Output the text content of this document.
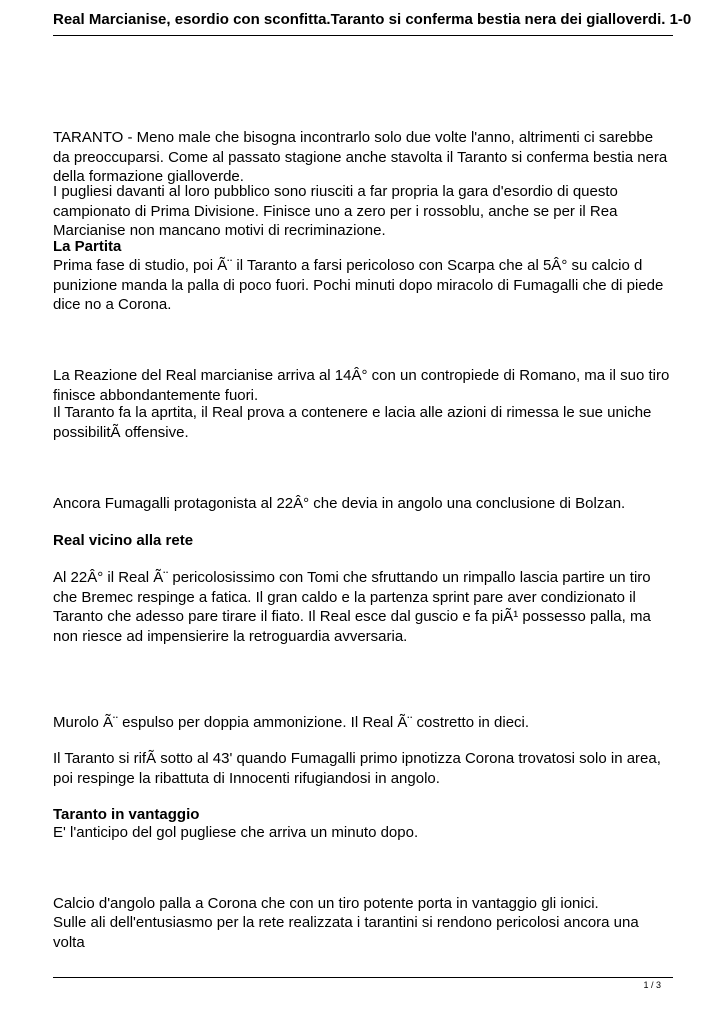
Real Marcianise, esordio con sconfitta.Taranto si conferma bestia nera dei gialloverdi. 1-0

TARANTO - Meno male che bisogna incontrarlo solo due volte l'anno, altrimenti ci sarebbe da preoccuparsi. Come al passato stagione anche stavolta il Taranto si conferma bestia nera della formazione gialloverde.

I pugliesi davanti al loro pubblico sono riusciti a far propria la gara d'esordio di questo campionato di Prima Divisione. Finisce uno a zero per i rossoblu, anche se per il Rea Marcianise non mancano motivi di recriminazione.

La Partita

Prima fase di studio, poi Ã¨ il Taranto a farsi pericoloso con Scarpa che al 5Â° su calcio d punizione manda la palla di poco fuori. Pochi minuti dopo miracolo di Fumagalli che di piede dice no a Corona.

La Reazione del Real marcianise arriva al 14Â° con un contropiede di Romano, ma il suo tiro finisce abbondantemente fuori.

Il Taranto fa la aprtita, il Real prova a contenere e lacia alle azioni di rimessa le sue uniche possibilitÃ offensive.

Ancora Fumagalli protagonista al 22Â° che devia in angolo una conclusione di Bolzan.

Real vicino alla rete

Al 22Â° il Real Ã¨ pericolosissimo con Tomi che sfruttando un rimpallo lascia partire un tiro che Bremec respinge a fatica. Il gran caldo e la partenza sprint pare aver condizionato il Taranto che adesso pare tirare il fiato. Il Real esce dal guscio e fa piÃ¹ possesso palla, ma non riesce ad impensierire la retroguardia avversaria.

Murolo Ã¨ espulso per doppia ammonizione. Il Real Ã¨ costretto in dieci.

Il Taranto si rifÃ sotto al 43' quando Fumagalli primo ipnotizza Corona trovatosi solo in area, poi respinge la ribattuta di Innocenti rifugiandosi in angolo.

Taranto in vantaggio

E' l'anticipo del gol pugliese che arriva un minuto dopo.

Calcio d'angolo palla a Corona che con un tiro potente porta in vantaggio gli ionici.

Sulle ali dell'entusiasmo per la rete realizzata i tarantini si rendono pericolosi ancora una volta

1 / 3
